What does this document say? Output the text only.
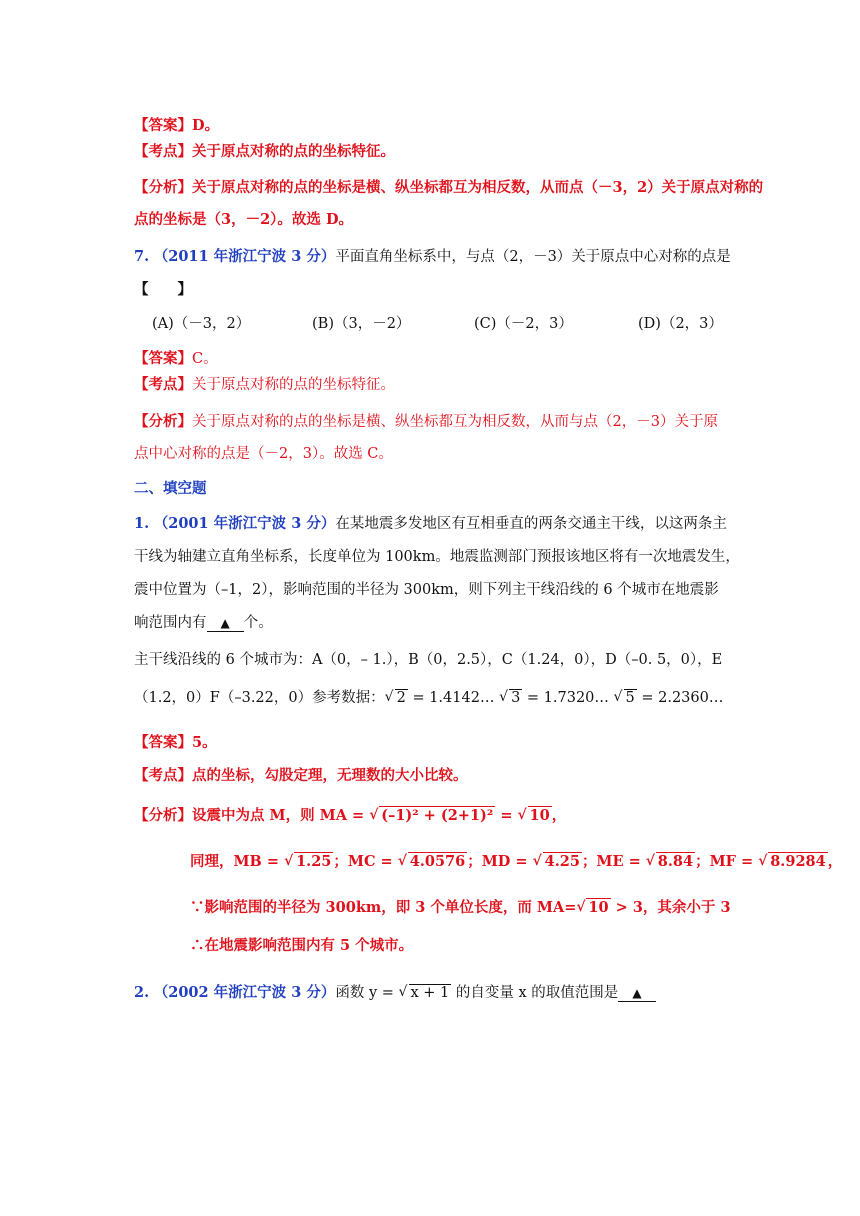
【答案】D。
【考点】关于原点对称的点的坐标特征。
【分析】关于原点对称的点的坐标是横、纵坐标都互为相反数，从而点（－3，2）关于原点对称的
点的坐标是（3，－2）。故选 D。
7. （2011 年浙江宁波 3 分）平面直角坐标系中，与点（2，－3）关于原点中心对称的点是
【　　】
(A)（－3，2）	(B)（3，－2）	(C)（－2，3）	(D)（2，3）
【答案】C。
【考点】关于原点对称的点的坐标特征。
【分析】关于原点对称的点的坐标是横、纵坐标都互为相反数，从而与点（2，－3）关于原
点中心对称的点是（－2，3）。故选 C。
二、填空题
1. （2001 年浙江宁波 3 分）在某地震多发地区有互相垂直的两条交通主干线，以这两条主
干线为轴建立直角坐标系，长度单位为 100km。地震监测部门预报该地区将有一次地震发生，
震中位置为（–1，2），影响范围的半径为 300km，则下列主干线沿线的 6 个城市在地震影
响范围内有 ▲ 个。
主干线沿线的 6 个城市为：A（0，– 1.），B（0，2.5），C（1.24，0），D（–0. 5，0），E
（1.2，0）F（–3.22，0）参考数据： √ 2 = 1.4142… √ 3 = 1.7320… √ 5 = 2.2360…
【答案】5。
【考点】点的坐标，勾股定理，无理数的大小比较。
【分析】设震中为点 M，则 MA = √ (–1)² + (2+1)² = √ 10 ，
同理，MB = √ 1.25 ；MC = √ 4.0576 ；MD = √ 4.25 ；ME = √ 8.84 ；MF = √ 8.9284 ，
∵影响范围的半径为 300km，即 3 个单位长度，而 MA= √ 10 > 3，其余小于 3
∴在地震影响范围内有 5 个城市。
2. （2002 年浙江宁波 3 分）函数 y = √ x + 1 的自变量 x 的取值范围是 ▲
